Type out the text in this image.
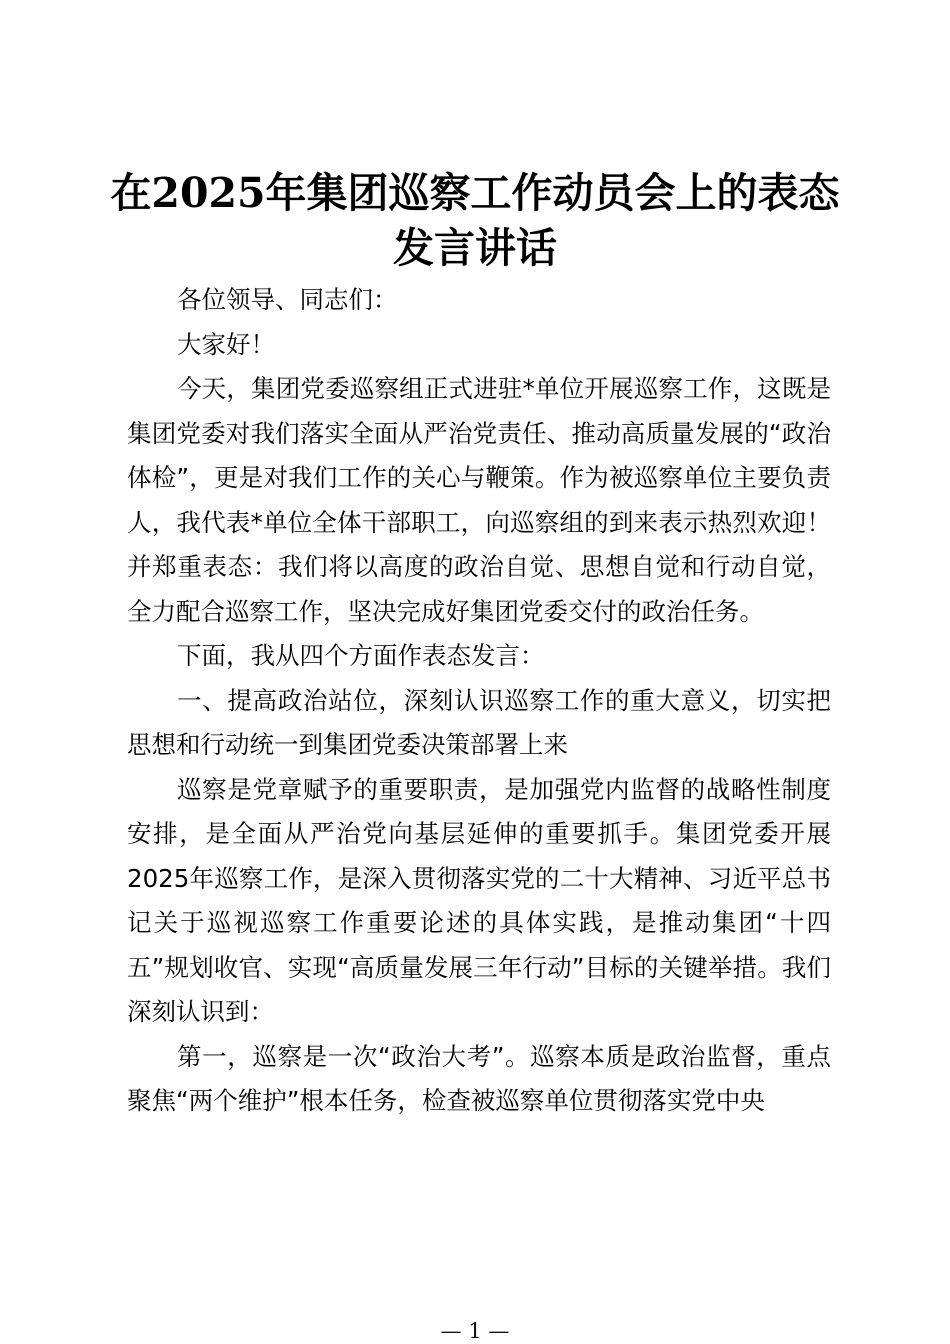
在2025年集团巡察工作动员会上的表态发言讲话

各位领导、同志们：

大家好！

今天，集团党委巡察组正式进驻*单位开展巡察工作，这既是集团党委对我们落实全面从严治党责任、推动高质量发展的“政治体检”，更是对我们工作的关心与鞭策。作为被巡察单位主要负责人，我代表*单位全体干部职工，向巡察组的到来表示热烈欢迎！并郑重表态：我们将以高度的政治自觉、思想自觉和行动自觉，全力配合巡察工作，坚决完成好集团党委交付的政治任务。

下面，我从四个方面作表态发言：

一、提高政治站位，深刻认识巡察工作的重大意义，切实把思想和行动统一到集团党委决策部署上来

巡察是党章赋予的重要职责，是加强党内监督的战略性制度安排，是全面从严治党向基层延伸的重要抓手。集团党委开展2025年巡察工作，是深入贯彻落实党的二十大精神、习近平总书记关于巡视巡察工作重要论述的具体实践，是推动集团“十四五”规划收官、实现“高质量发展三年行动”目标的关键举措。我们深刻认识到：

第一，巡察是一次“政治大考”。巡察本质是政治监督，重点聚焦“两个维护”根本任务，检查被巡察单位贯彻落实党中央

— 1 —
